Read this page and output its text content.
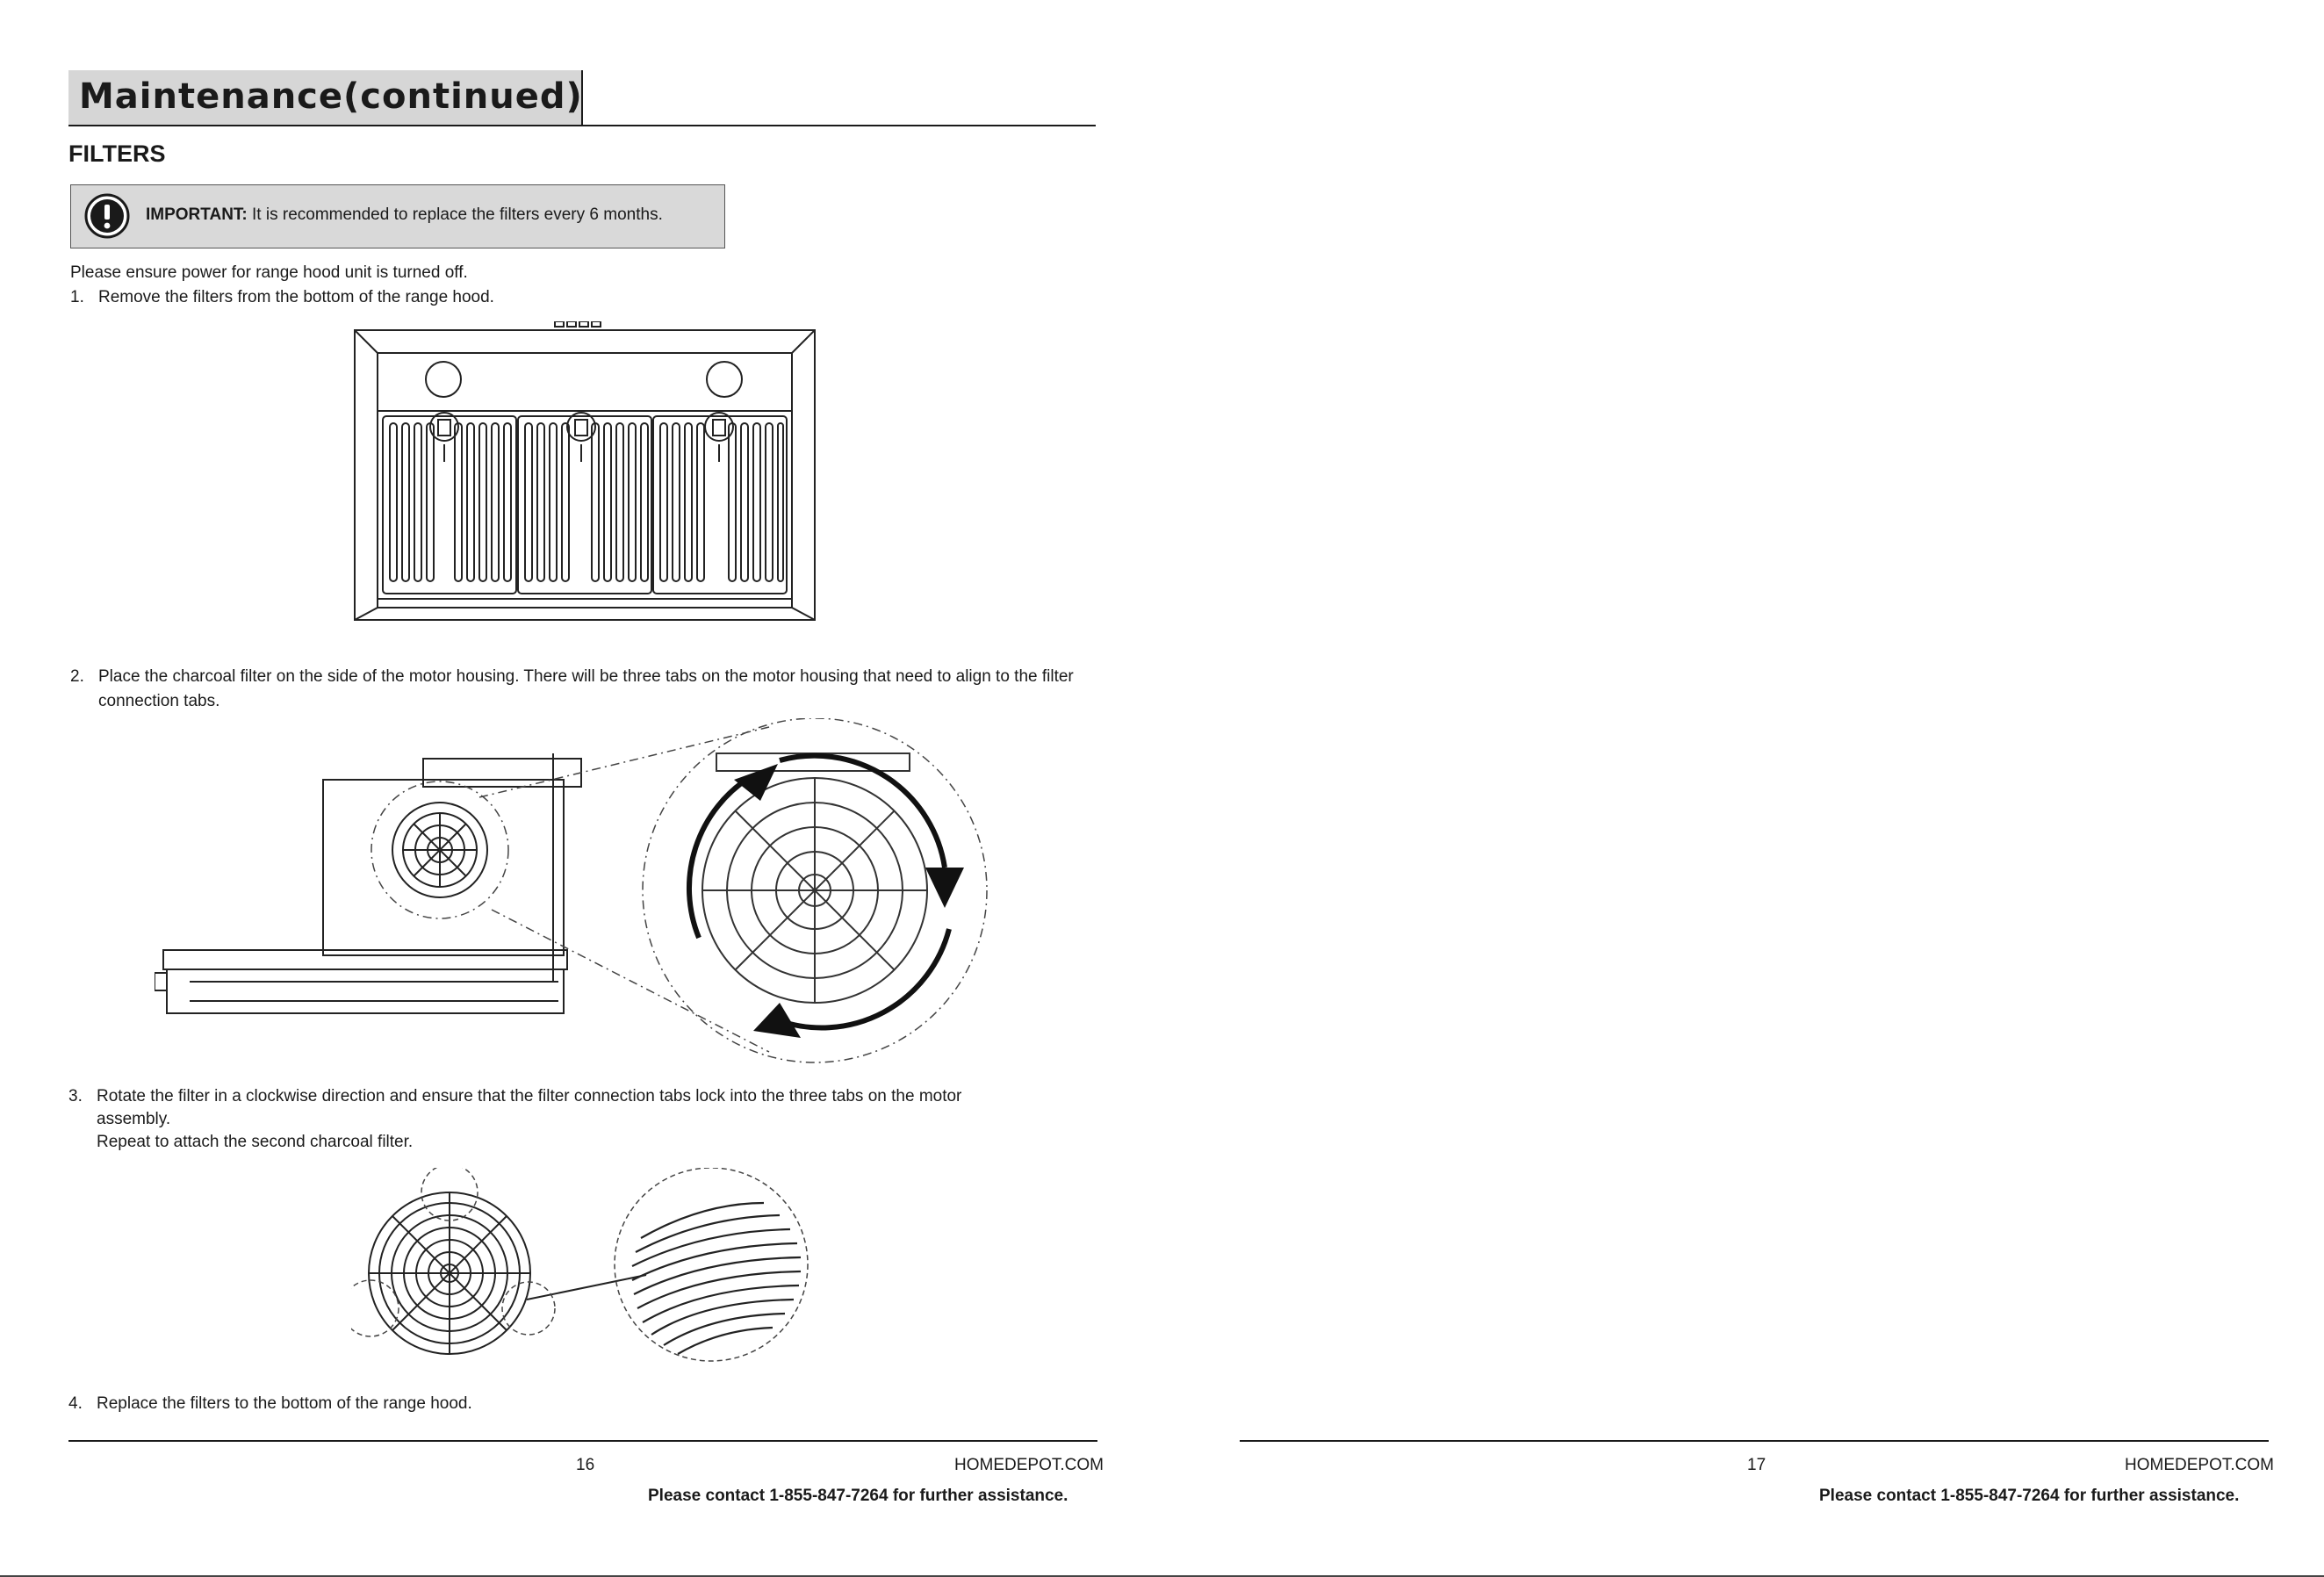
Maintenance(continued)
FILTERS
IMPORTANT: It is recommended to replace the filters every 6 months.
Please ensure power for range hood unit is turned off.
1. Remove the filters from the bottom of the range hood.
2. Place the charcoal filter on the side of the motor housing. There will be three tabs on the motor housing that need to align to the filter
connection tabs.
3. Rotate the filter in a clockwise direction and ensure that the filter connection tabs lock into the three tabs on the motor
assembly.
Repeat to attach the second charcoal filter.
4. Replace the filters to the bottom of the range hood.
16	HOMEDEPOT.COM
Please contact 1-855-847-7264 for further assistance.
17	HOMEDEPOT.COM
Please contact 1-855-847-7264 for further assistance.
